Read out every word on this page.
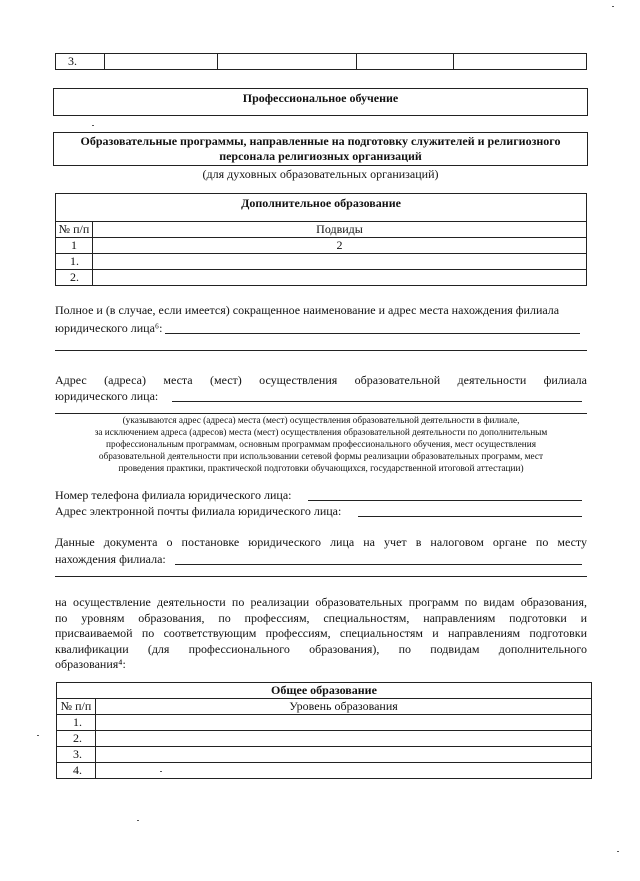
3.				
Профессиональное обучение
Образовательные программы, направленные на подготовку служителей и религиозного персонала религиозных организаций
(для духовных образовательных организаций)
Дополнительное образование	
№ п/п	Подвиды
1	2
1.	
2.	
Полное и (в случае, если имеется) сокращенное наименование и адрес места нахождения филиала
юридического лица⁶:
Адрес (адреса) места (мест) осуществления образовательной деятельности филиала
юридического лица:
(указываются адрес (адреса) места (мест) осуществления образовательной деятельности в филиале,
за исключением адреса (адресов) места (мест) осуществления образовательной деятельности по дополнительным
профессиональным программам, основным программам профессионального обучения, мест осуществления
образовательной деятельности при использовании сетевой формы реализации образовательных программ, мест
проведения практики, практической подготовки обучающихся, государственной итоговой аттестации)
Номер телефона филиала юридического лица:
Адрес электронной почты филиала юридического лица:
Данные документа о постановке юридического лица на учет в налоговом органе по месту
нахождения филиала:
на осуществление деятельности по реализации образовательных программ по видам образования,
по уровням образования, по профессиям, специальностям, направлениям подготовки и
присваиваемой по соответствующим профессиям, специальностям и направлениям подготовки
квалификации (для профессионального образования), по подвидам дополнительного
образования⁴:
Общее образование	
№ п/п	Уровень образования
1.	
2.	
3.	
4.	
